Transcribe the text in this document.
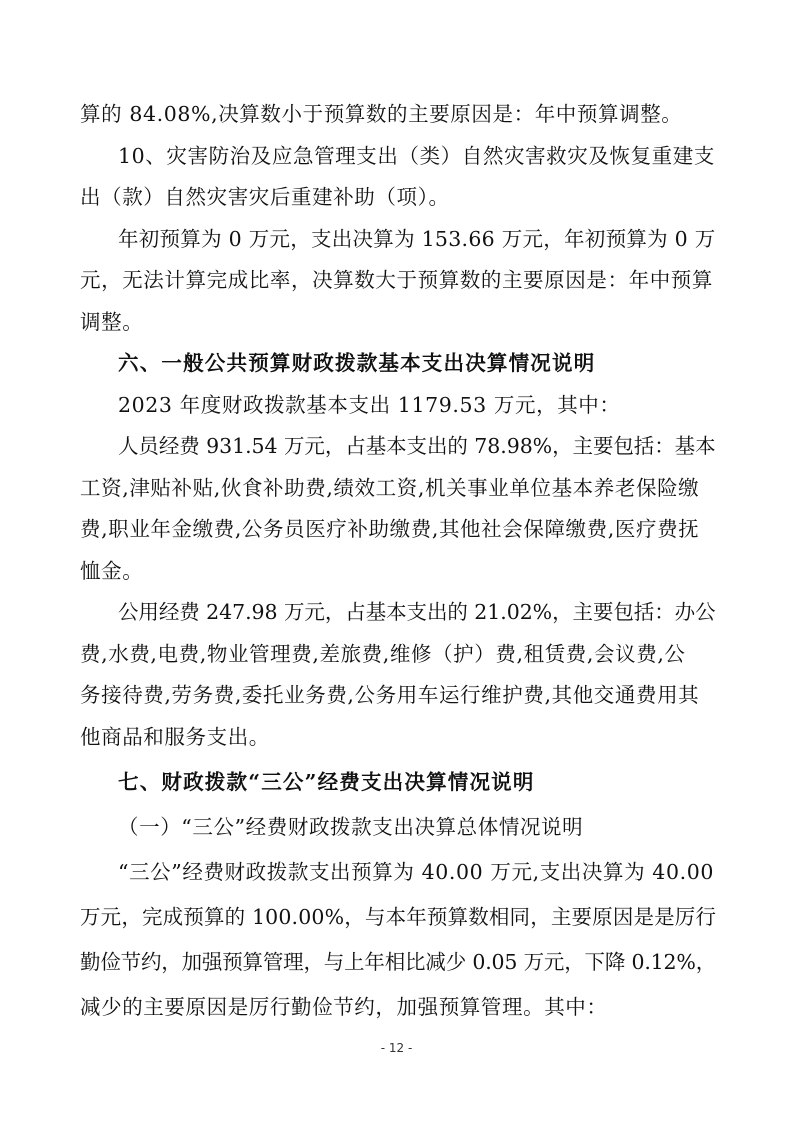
算的 84.08%,决算数小于预算数的主要原因是：年中预算调整。
10、灾害防治及应急管理支出（类）自然灾害救灾及恢复重建支
出（款）自然灾害灾后重建补助（项）。
年初预算为 0 万元，支出决算为 153.66 万元，年初预算为 0 万
元，无法计算完成比率，决算数大于预算数的主要原因是：年中预算
调整。
六、一般公共预算财政拨款基本支出决算情况说明
2023 年度财政拨款基本支出 1179.53 万元，其中：
人员经费 931.54 万元，占基本支出的 78.98%，主要包括：基本
工资,津贴补贴,伙食补助费,绩效工资,机关事业单位基本养老保险缴
费,职业年金缴费,公务员医疗补助缴费,其他社会保障缴费,医疗费抚
恤金。
公用经费 247.98 万元，占基本支出的 21.02%，主要包括：办公
费,水费,电费,物业管理费,差旅费,维修（护）费,租赁费,会议费,公
务接待费,劳务费,委托业务费,公务用车运行维护费,其他交通费用其
他商品和服务支出。
七、财政拨款“三公”经费支出决算情况说明
（一）“三公”经费财政拨款支出决算总体情况说明
“三公”经费财政拨款支出预算为 40.00 万元,支出决算为 40.00
万元，完成预算的 100.00%，与本年预算数相同，主要原因是是厉行
勤俭节约，加强预算管理，与上年相比减少 0.05 万元，下降 0.12%，
减少的主要原因是厉行勤俭节约，加强预算管理。其中：
- 12 -
